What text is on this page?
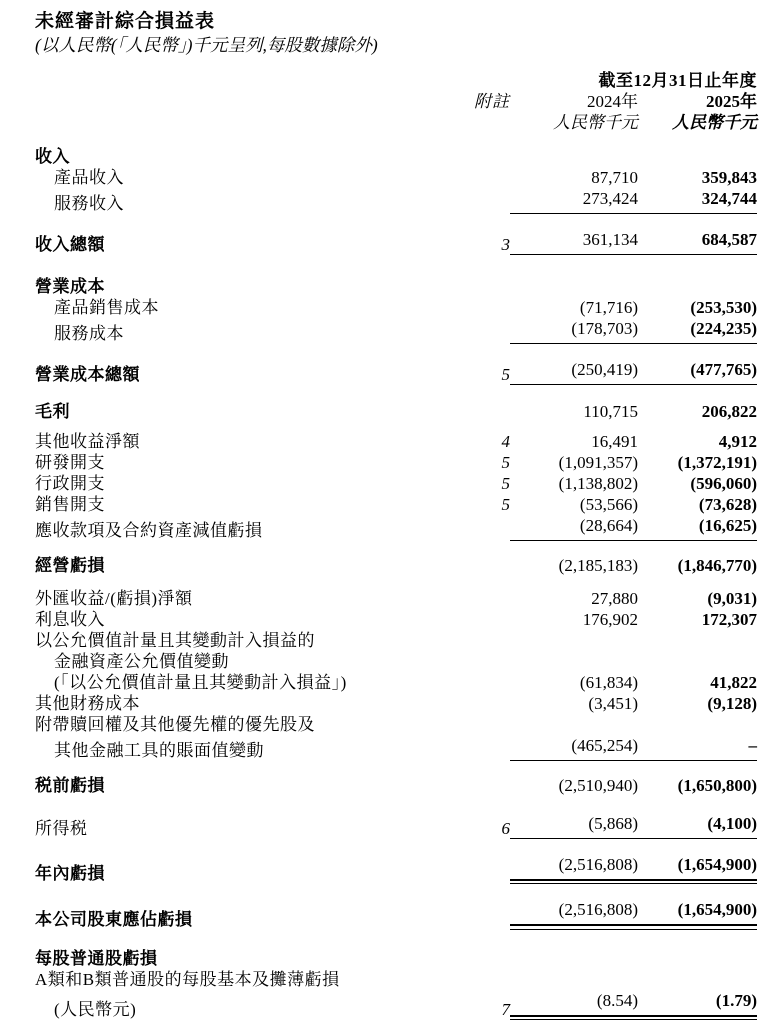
未經審計綜合損益表
(以人民幣(「人民幣」)千元呈列,每股數據除外)
		截至12月31日止年度	
	附註	2024年	2025年
		人民幣千元	人民幣千元

收入			
產品收入		87,710	359,843
服務收入		273,424	324,744

收入總額	3	361,134	684,587

營業成本			
產品銷售成本		(71,716)	(253,530)
服務成本		(178,703)	(224,235)

營業成本總額	5	(250,419)	(477,765)

毛利		110,715	206,822

其他收益淨額	4	16,491	4,912
研發開支	5	(1,091,357)	(1,372,191)
行政開支	5	(1,138,802)	(596,060)
銷售開支	5	(53,566)	(73,628)
應收款項及合約資產減值虧損		(28,664)	(16,625)

經營虧損		(2,185,183)	(1,846,770)

外匯收益/(虧損)淨額		27,880	(9,031)
利息收入		176,902	172,307
以公允價值計量且其變動計入損益的			
金融資產公允價值變動			
(「以公允價值計量且其變動計入損益」)		(61,834)	41,822
其他財務成本		(3,451)	(9,128)
附帶贖回權及其他優先權的優先股及			
其他金融工具的賬面值變動		(465,254)	–

税前虧損		(2,510,940)	(1,650,800)

所得税	6	(5,868)	(4,100)

年內虧損		(2,516,808)	(1,654,900)

本公司股東應佔虧損		(2,516,808)	(1,654,900)

每股普通股虧損			
A類和B類普通股的每股基本及攤薄虧損			
(人民幣元)	7	(8.54)	(1.79)
